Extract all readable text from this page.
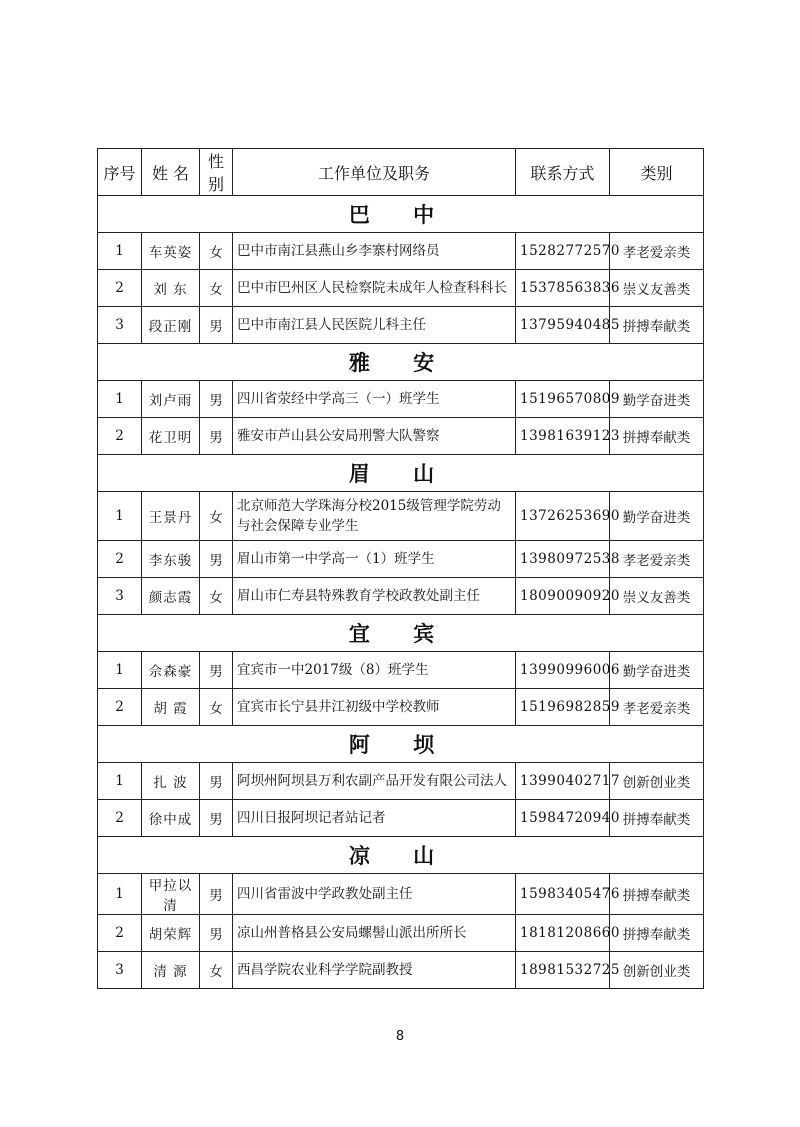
序号	姓 名	性别	工作单位及职务	联系方式	类别
巴 中					
1	车英姿	女	巴中市南江县燕山乡李寨村网络员	15282772570	孝老爱亲类
2	刘 东	女	巴中市巴州区人民检察院未成年人检查科科长	15378563836	崇义友善类
3	段正刚	男	巴中市南江县人民医院儿科主任	13795940485	拼搏奉献类
雅 安					
1	刘卢雨	男	四川省荥经中学高三（一）班学生	15196570809	勤学奋进类
2	花卫明	男	雅安市芦山县公安局刑警大队警察	13981639123	拼搏奉献类
眉 山					
1	王景丹	女	北京师范大学珠海分校2015级管理学院劳动与社会保障专业学生	13726253690	勤学奋进类
2	李东骏	男	眉山市第一中学高一（1）班学生	13980972538	孝老爱亲类
3	颜志霞	女	眉山市仁寿县特殊教育学校政教处副主任	18090090920	崇义友善类
宜 宾					
1	佘森豪	男	宜宾市一中2017级（8）班学生	13990996006	勤学奋进类
2	胡 霞	女	宜宾市长宁县井江初级中学校教师	15196982859	孝老爱亲类
阿 坝					
1	扎 波	男	阿坝州阿坝县万利农副产品开发有限公司法人	13990402717	创新创业类
2	徐中成	男	四川日报阿坝记者站记者	15984720940	拼搏奉献类
凉 山					
1	甲拉以清	男	四川省雷波中学政教处副主任	15983405476	拼搏奉献类
2	胡荣辉	男	凉山州普格县公安局螺髻山派出所所长	18181208660	拼搏奉献类
3	清 源	女	西昌学院农业科学学院副教授	18981532725	创新创业类
8
